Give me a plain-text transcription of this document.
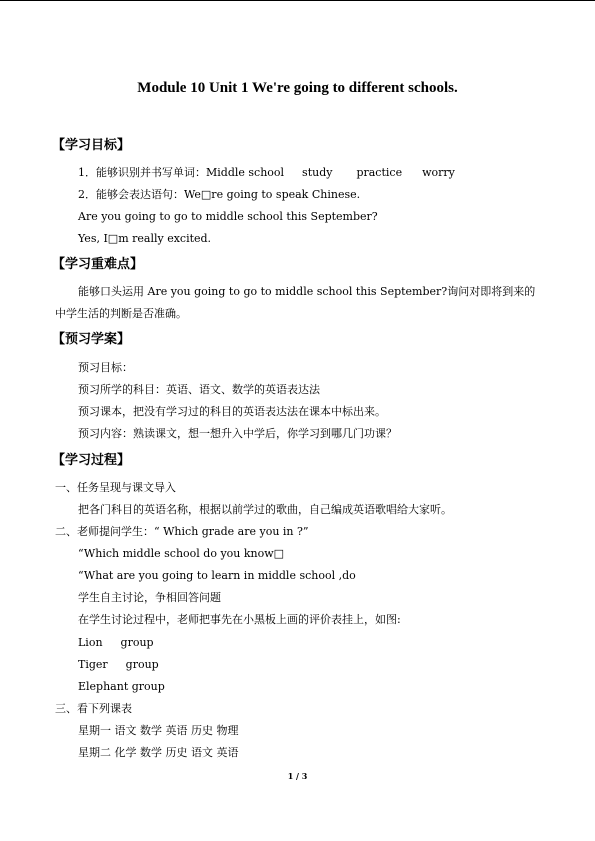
Module 10 Unit 1 We're going to different schools.
【学习目标】
1．能够识别并书写单词：Middle school study practice worry
2．能够会表达语句：We□re going to speak Chinese.
Are you going to go to middle school this September?
Yes, I□m really excited.
【学习重难点】
能够口头运用 Are you going to go to middle school this September?询问对即将到来的中学生活的判断是否准确。
【预习学案】
预习目标：
预习所学的科目：英语、语文、数学的英语表达法
预习课本，把没有学习过的科目的英语表达法在课本中标出来。
预习内容：熟读课文，想一想升入中学后，你学习到哪几门功课？
【学习过程】
一、任务呈现与课文导入
把各门科目的英语名称，根据以前学过的歌曲，自己编成英语歌唱给大家听。
二、老师提问学生：“ Which grade are you in ?”
“Which middle school do you know□
“What are you going to learn in middle school ,do
学生自主讨论，争相回答问题
在学生讨论过程中，老师把事先在小黑板上画的评价表挂上，如图:
Lion group
Tiger group
Elephant group
三、看下列课表
星期一 语文 数学 英语 历史 物理
星期二 化学 数学 历史 语文 英语
1 / 3
